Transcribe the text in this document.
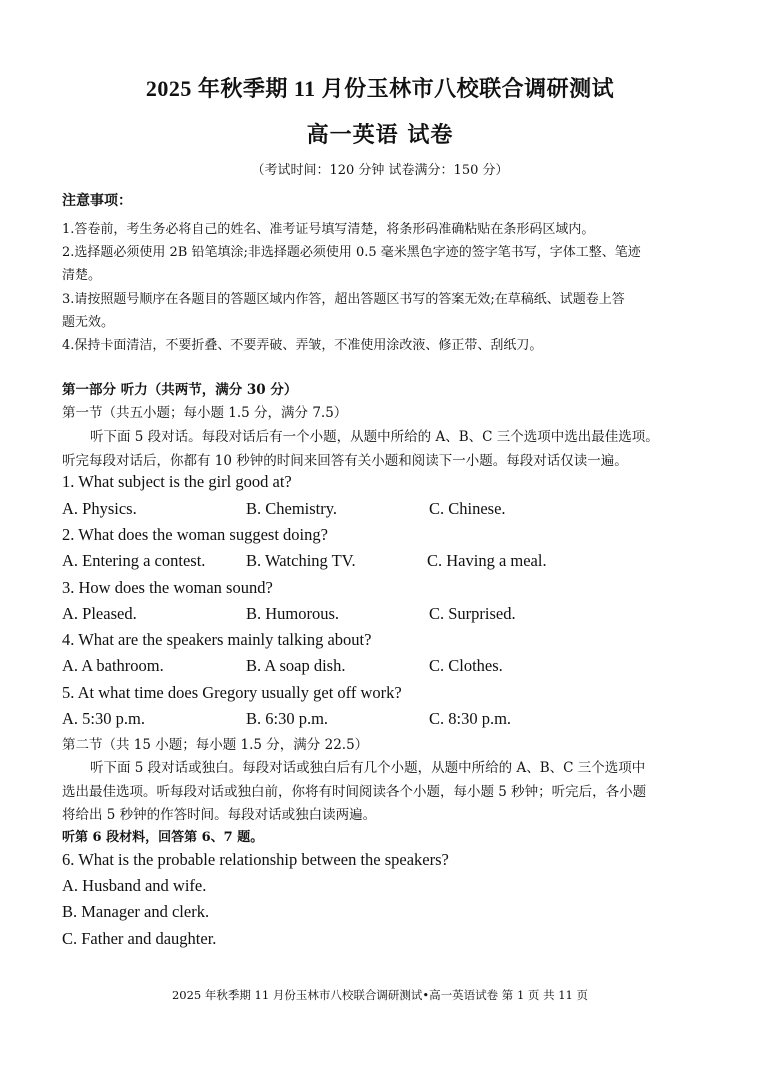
2025 年秋季期 11 月份玉林市八校联合调研测试
高一英语 试卷
（考试时间：120 分钟 试卷满分：150 分）
注意事项：
1.答卷前，考生务必将自己的姓名、准考证号填写清楚，将条形码准确粘贴在条形码区域内。
2.选择题必须使用 2B 铅笔填涂;非选择题必须使用 0.5 毫米黑色字迹的签字笔书写，字体工整、笔迹
清楚。
3.请按照题号顺序在各题目的答题区域内作答，超出答题区书写的答案无效;在草稿纸、试题卷上答
题无效。
4.保持卡面清洁，不要折叠、不要弄破、弄皱，不准使用涂改液、修正带、刮纸刀。
第一部分 听力（共两节，满分 30 分）
第一节（共五小题；每小题 1.5 分，满分 7.5）
听下面 5 段对话。每段对话后有一个小题，从题中所给的 A、B、C 三个选项中选出最佳选项。
听完每段对话后，你都有 10 秒钟的时间来回答有关小题和阅读下一小题。每段对话仅读一遍。
1. What subject is the girl good at?
A. Physics.	B. Chemistry.	C. Chinese.
2. What does the woman suggest doing?
A. Entering a contest. B. Watching TV.	C. Having a meal.
3. How does the woman sound?
A. Pleased.	B. Humorous.	C. Surprised.
4. What are the speakers mainly talking about?
A. A bathroom.	B. A soap dish.	C. Clothes.
5. At what time does Gregory usually get off work?
A. 5:30 p.m.	B. 6:30 p.m.	C. 8:30 p.m.
第二节（共 15 小题；每小题 1.5 分，满分 22.5）
听下面 5 段对话或独白。每段对话或独白后有几个小题，从题中所给的 A、B、C 三个选项中
选出最佳选项。听每段对话或独白前，你将有时间阅读各个小题，每小题 5 秒钟；听完后，各小题
将给出 5 秒钟的作答时间。每段对话或独白读两遍。
听第 6 段材料，回答第 6、7 题。
6. What is the probable relationship between the speakers?
A. Husband and wife.
B. Manager and clerk.
C. Father and daughter.
2025 年秋季期 11 月份玉林市八校联合调研测试•高一英语试卷 第 1 页 共 11 页
